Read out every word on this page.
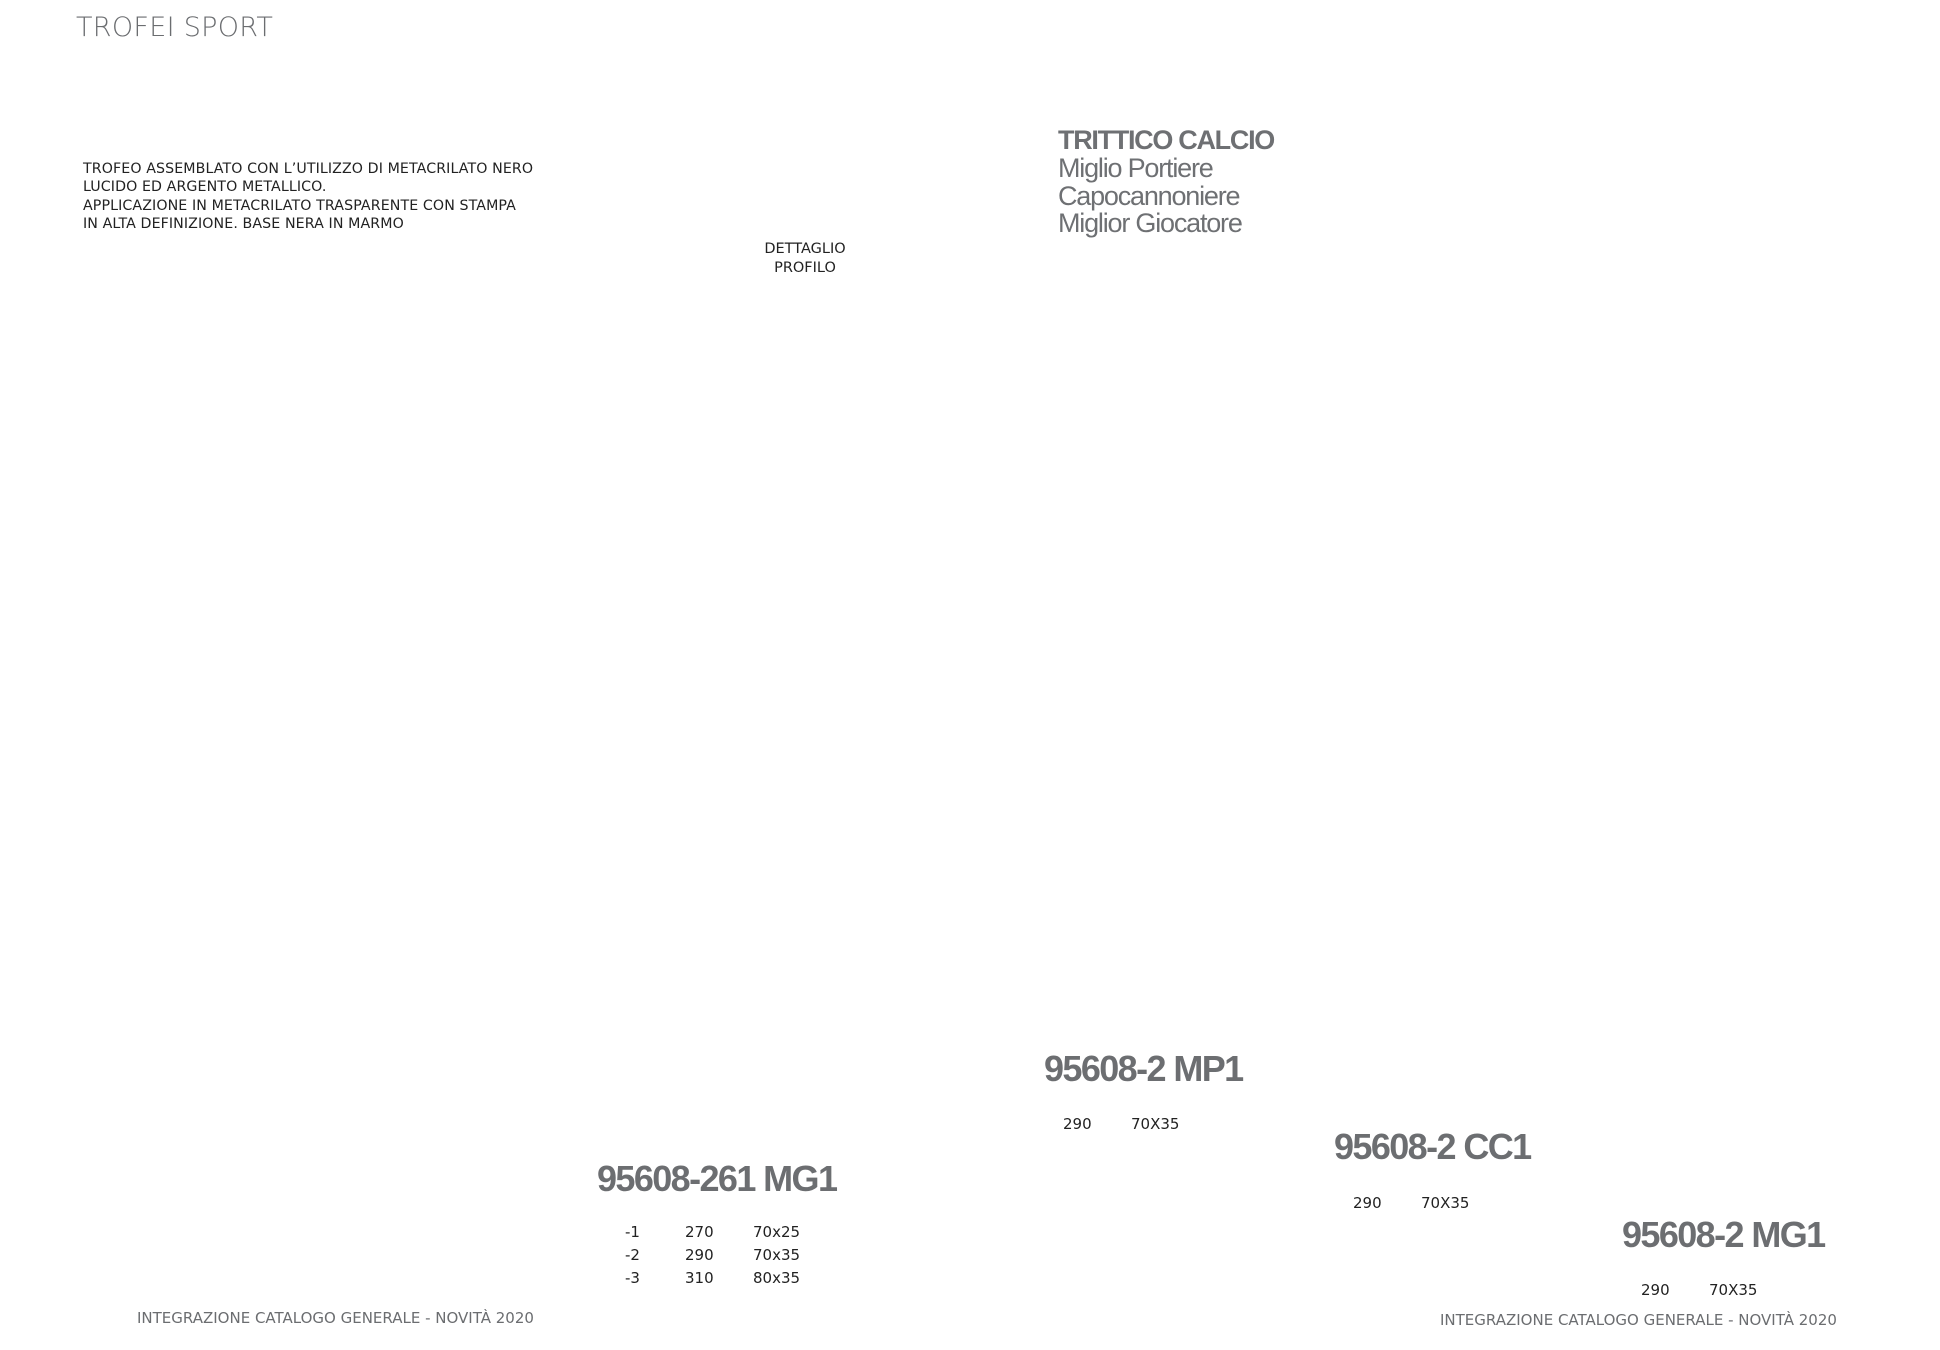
TROFEI SPORT
TROFEO ASSEMBLATO CON L’UTILIZZO DI METACRILATO NERO
LUCIDO ED ARGENTO METALLICO.
APPLICAZIONE IN METACRILATO TRASPARENTE CON STAMPA
IN ALTA DEFINIZIONE. BASE NERA IN MARMO
DETTAGLIO
PROFILO
TRITTICO CALCIO
Miglio Portiere
Capocannoniere
Miglior Giocatore
95608-2 MP1
290	70X35
95608-2 CC1
290	70X35
95608-261 MG1
-1	270	70x25
-2	290	70x35
-3	310	80x35
95608-2 MG1
290	70X35
INTEGRAZIONE CATALOGO GENERALE - NOVITÀ 2020	INTEGRAZIONE CATALOGO GENERALE - NOVITÀ 2020
